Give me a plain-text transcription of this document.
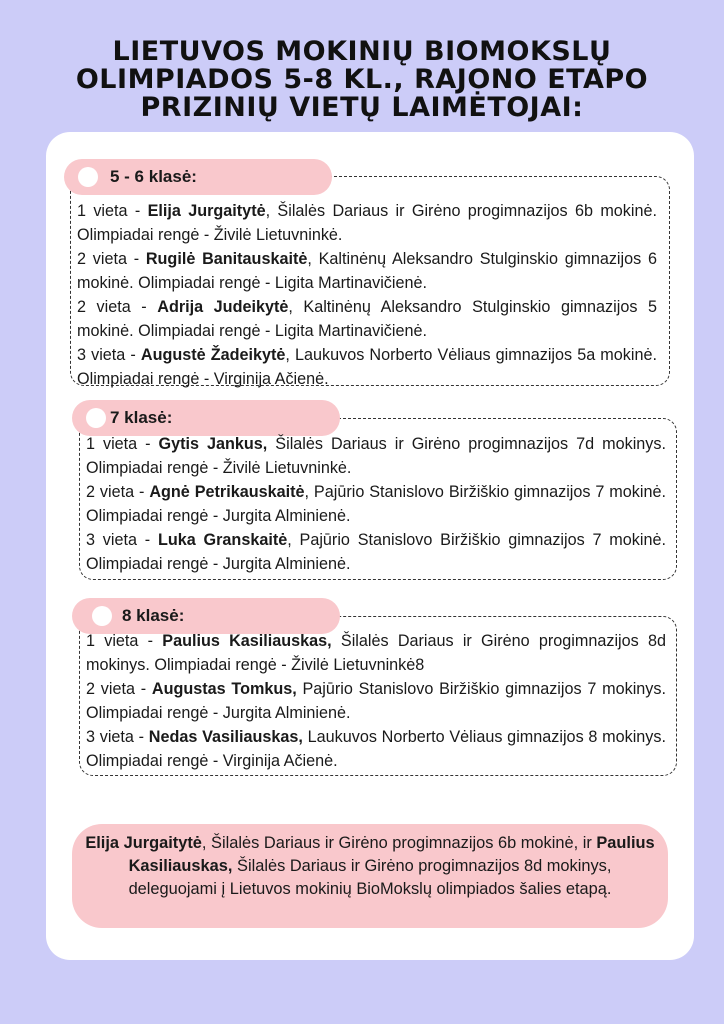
LIETUVOS MOKINIŲ BIOMOKSLŲ
OLIMPIADOS 5-8 KL., RAJONO ETAPO
PRIZINIŲ VIETŲ LAIMĖTOJAI:
5 - 6 klasė:

1 vieta - Elija Jurgaitytė, Šilalės Dariaus ir Girėno progimnazijos 6b mokinė. Olimpiadai rengė - Živilė Lietuvninkė.

2 vieta - Rugilė Banitauskaitė, Kaltinėnų Aleksandro Stulginskio gimnazijos 6 mokinė. Olimpiadai rengė - Ligita Martinavičienė.

2 vieta - Adrija Judeikytė, Kaltinėnų Aleksandro Stulginskio gimnazijos 5 mokinė. Olimpiadai rengė - Ligita Martinavičienė.

3 vieta - Augustė Žadeikytė, Laukuvos Norberto Vėliaus gimnazijos 5a mokinė. Olimpiadai rengė - Virginija Ačienė.

7 klasė:

1 vieta - Gytis Jankus, Šilalės Dariaus ir Girėno progimnazijos 7d mokinys. Olimpiadai rengė - Živilė Lietuvninkė.

2 vieta - Agnė Petrikauskaitė, Pajūrio Stanislovo Biržiškio gimnazijos 7 mokinė. Olimpiadai rengė - Jurgita Alminienė.

3 vieta - Luka Granskaitė, Pajūrio Stanislovo Biržiškio gimnazijos 7 mokinė. Olimpiadai rengė - Jurgita Alminienė.

8 klasė:

1 vieta - Paulius Kasiliauskas, Šilalės Dariaus ir Girėno progimnazijos 8d mokinys. Olimpiadai rengė - Živilė Lietuvninkė8

2 vieta - Augustas Tomkus, Pajūrio Stanislovo Biržiškio gimnazijos 7 mokinys. Olimpiadai rengė - Jurgita Alminienė.

3 vieta - Nedas Vasiliauskas, Laukuvos Norberto Vėliaus gimnazijos 8 mokinys. Olimpiadai rengė - Virginija Ačienė.

Elija Jurgaitytė, Šilalės Dariaus ir Girėno progimnazijos 6b mokinė, ir Paulius Kasiliauskas, Šilalės Dariaus ir Girėno progimnazijos 8d mokinys, deleguojami į Lietuvos mokinių BioMokslų olimpiados šalies etapą.
